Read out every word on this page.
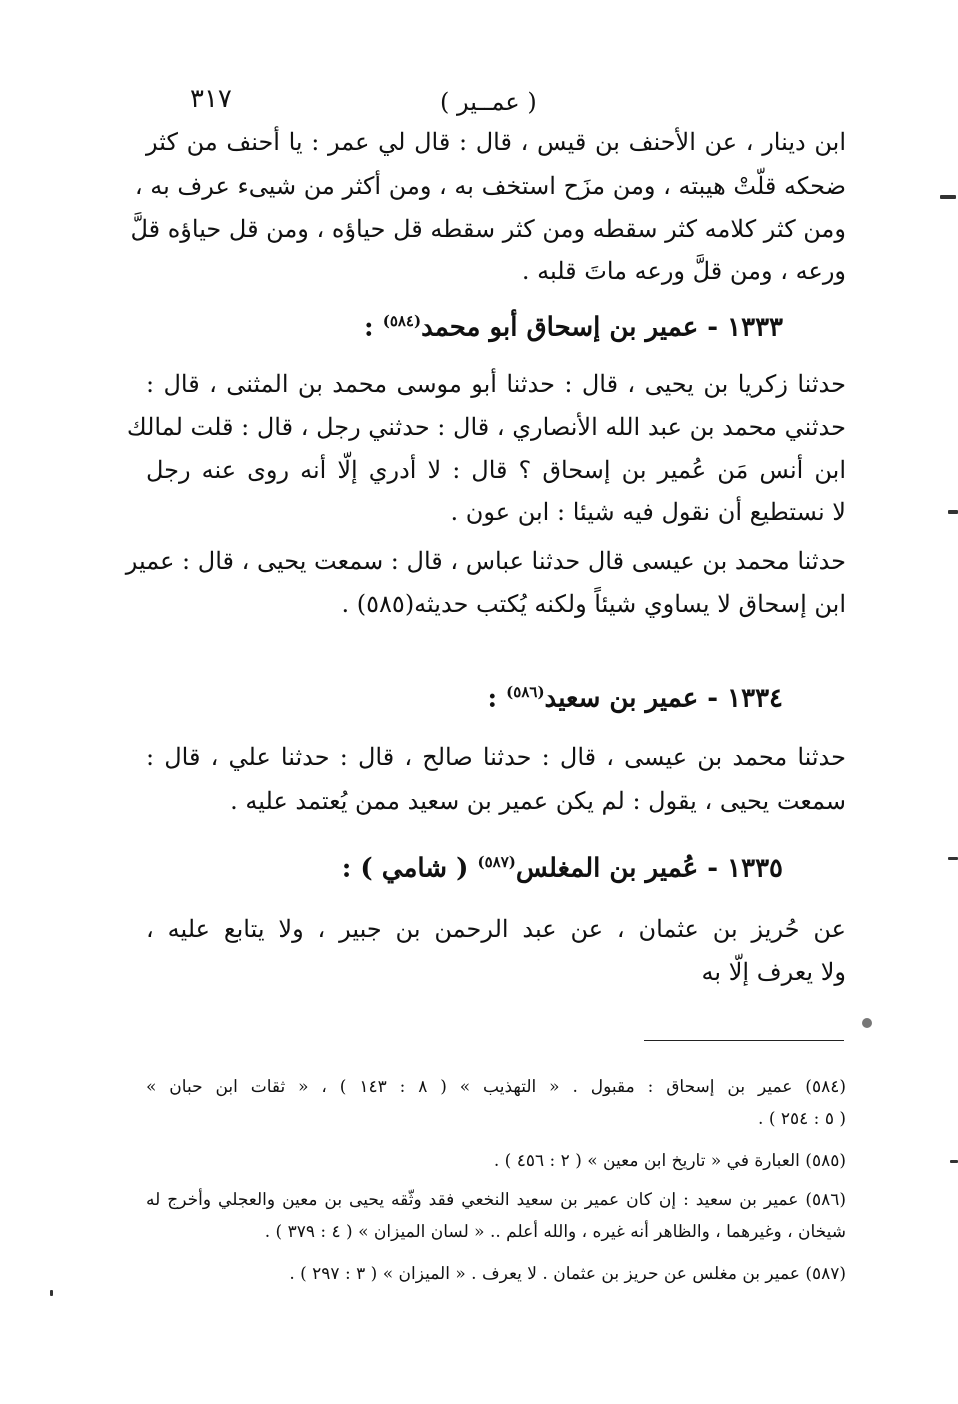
( عمــير )
٣١٧
ابن دينار ، عن الأحنف بن قيس ، قال : قال لي عمر : يا أحنف من كثر
ضحكه قلّتْ هيبته ، ومن مزَح استخف به ، ومن أكثر من شيىء عرف به ،
ومن كثر كلامه كثر سقطه ومن كثر سقطه قل حياؤه ، ومن قل حياؤه قلَّ
ورعه ، ومن قلَّ ورعه ماتَ قلبه .
١٣٣٣ - عمير بن إسحاق أبو محمد$^{(٥٨٤)}$ :
حدثنا زكريا بن يحيى ، قال : حدثنا أبو موسى محمد بن المثنى ، قال :
حدثني محمد بن عبد الله الأنصاري ، قال : حدثني رجل ، قال : قلت لمالك
ابن أنس مَن عُمير بن إسحاق ؟ قال : لا أدري إلّا أنه روى عنه رجل
لا نستطيع أن نقول فيه شيئا : ابن عون .
حدثنا محمد بن عيسى قال حدثنا عباس ، قال : سمعت يحيى ، قال : عمير
ابن إسحاق لا يساوي شيئاً ولكنه يُكتب حديثه(٥٨٥) .
١٣٣٤ - عمير بن سعيد$^{(٥٨٦)}$ :
حدثنا محمد بن عيسى ، قال : حدثنا صالح ، قال : حدثنا علي ، قال :
سمعت يحيى ، يقول : لم يكن عمير بن سعيد ممن يُعتمد عليه .
١٣٣٥ - عُمير بن المغلس$^{(٥٨٧)}$ ( شامي ) :
عن حُريز بن عثمان ، عن عبد الرحمن بن جبير ، ولا يتابع عليه ،
ولا يعرف إلّا به
(٥٨٤) عمير بن إسحاق : مقبول . « التهذيب » ( ٨ : ١٤٣ ) ، « ثقات ابن حبان »
( ٥ : ٢٥٤ ) .
(٥٨٥) العبارة في « تاريخ ابن معين » ( ٢ : ٤٥٦ ) .
(٥٨٦) عمير بن سعيد : إن كان عمير بن سعيد النخعي فقد وثّقه يحيى بن معين والعجلي وأخرج له
شيخان ، وغيرهما ، والظاهر أنه غيره ، والله أعلم .. « لسان الميزان » ( ٤ : ٣٧٩ ) .
(٥٨٧) عمير بن مغلس عن حريز بن عثمان . لا يعرف . « الميزان » ( ٣ : ٢٩٧ ) .
